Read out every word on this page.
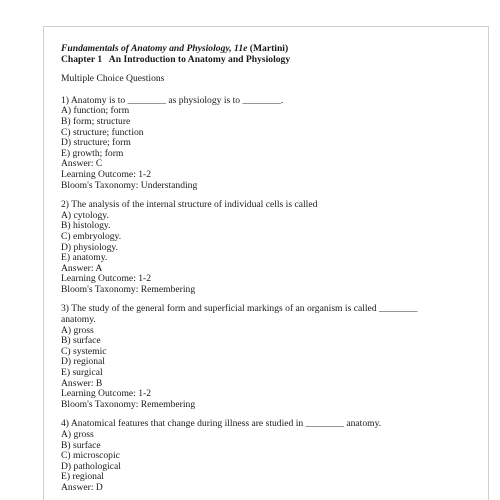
Fundamentals of Anatomy and Physiology, 11e (Martini)
Chapter 1   An Introduction to Anatomy and Physiology
Multiple Choice Questions
1) Anatomy is to ________ as physiology is to ________.
A) function; form
B) form; structure
C) structure; function
D) structure; form
E) growth; form
Answer: C
Learning Outcome: 1-2
Bloom's Taxonomy: Understanding
2) The analysis of the internal structure of individual cells is called
A) cytology.
B) histology.
C) embryology.
D) physiology.
E) anatomy.
Answer: A
Learning Outcome: 1-2
Bloom's Taxonomy: Remembering
3) The study of the general form and superficial markings of an organism is called ________ anatomy.
A) gross
B) surface
C) systemic
D) regional
E) surgical
Answer: B
Learning Outcome: 1-2
Bloom's Taxonomy: Remembering
4) Anatomical features that change during illness are studied in ________ anatomy.
A) gross
B) surface
C) microscopic
D) pathological
E) regional
Answer: D
